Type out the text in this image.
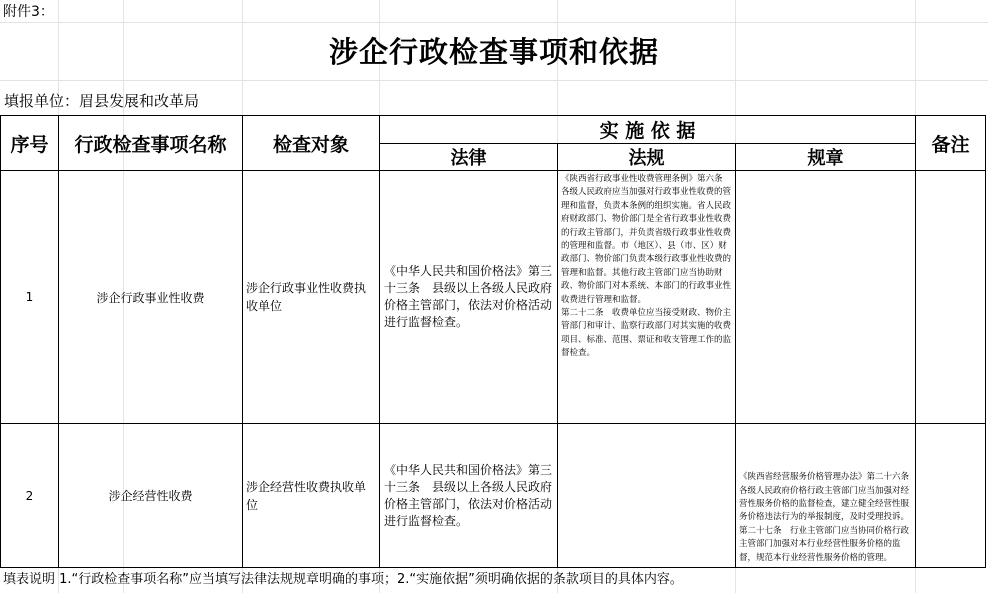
附件3：
涉企行政检查事项和依据
填报单位：眉县发展和改革局
序号	行政检查事项名称	检查对象	实 施 依 据			备注
			法律	法规	规章	
1	涉企行政事业性收费	涉企行政事业性收费执收单位	《中华人民共和国价格法》第三十三条　县级以上各级人民政府价格主管部门，依法对价格活动进行监督检查。	《陕西省行政事业性收费管理条例》第六条　各级人民政府应当加强对行政事业性收费的管理和监督，负责本条例的组织实施。省人民政府财政部门、物价部门是全省行政事业性收费的行政主管部门，并负责省级行政事业性收费的管理和监督。市（地区）、县（市、区）财政部门、物价部门负责本级行政事业性收费的管理和监督。其他行政主管部门应当协助财政、物价部门对本系统、本部门的行政事业性收费进行管理和监督。

第二十二条　收费单位应当接受财政、物价主管部门和审计、监察行政部门对其实施的收费项目、标准、范围、票证和收支管理工作的监督检查。		

2	涉企经营性收费	涉企经营性收费执收单位	《中华人民共和国价格法》第三十三条　县级以上各级人民政府价格主管部门，依法对价格活动进行监督检查。		《陕西省经营服务价格管理办法》第二十六条　各级人民政府价格行政主管部门应当加强对经营性服务价格的监督检查，建立健全经营性服务价格违法行为的举报制度，及时受理投诉。

第二十七条　行业主管部门应当协同价格行政主管部门加强对本行业经营性服务价格的监督，规范本行业经营性服务价格的管理。	

填表说明 1.“行政检查事项名称”应当填写法律法规规章明确的事项；2.“实施依据”须明确依据的条款项目的具体内容。
